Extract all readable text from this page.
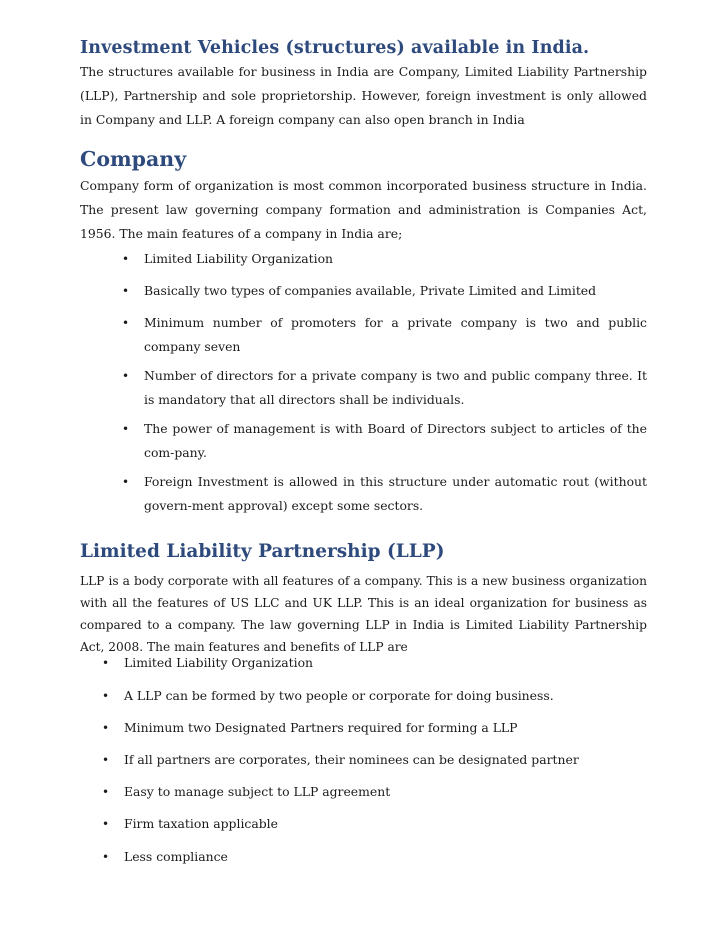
Investment Vehicles (structures) available in India.
The structures available for business in India are Company, Limited Liability Partnership (LLP), Partnership and sole proprietorship. However, foreign investment is only allowed in Company and LLP. A foreign company can also open branch in India
Company
Company form of organization is most common incorporated business structure in India. The present law governing company formation and administration is Companies Act, 1956. The main features of a company in India are;
• Limited Liability Organization
• Basically two types of companies available, Private Limited and Limited
• Minimum number of promoters for a private company is two and public company seven
• Number of directors for a private company is two and public company three. It is mandatory that all directors shall be individuals.
• The power of management is with Board of Directors subject to articles of the com-pany.
• Foreign Investment is allowed in this structure under automatic rout (without govern-ment approval) except some sectors.
Limited Liability Partnership (LLP)
LLP is a body corporate with all features of a company. This is a new business organization with all the features of US LLC and UK LLP. This is an ideal organization for business as compared to a company. The law governing LLP in India is Limited Liability Partnership Act, 2008. The main features and benefits of LLP are
• Limited Liability Organization
• A LLP can be formed by two people or corporate for doing business.
• Minimum two Designated Partners required for forming a LLP
• If all partners are corporates, their nominees can be designated partner
• Easy to manage subject to LLP agreement
• Firm taxation applicable
• Less compliance
